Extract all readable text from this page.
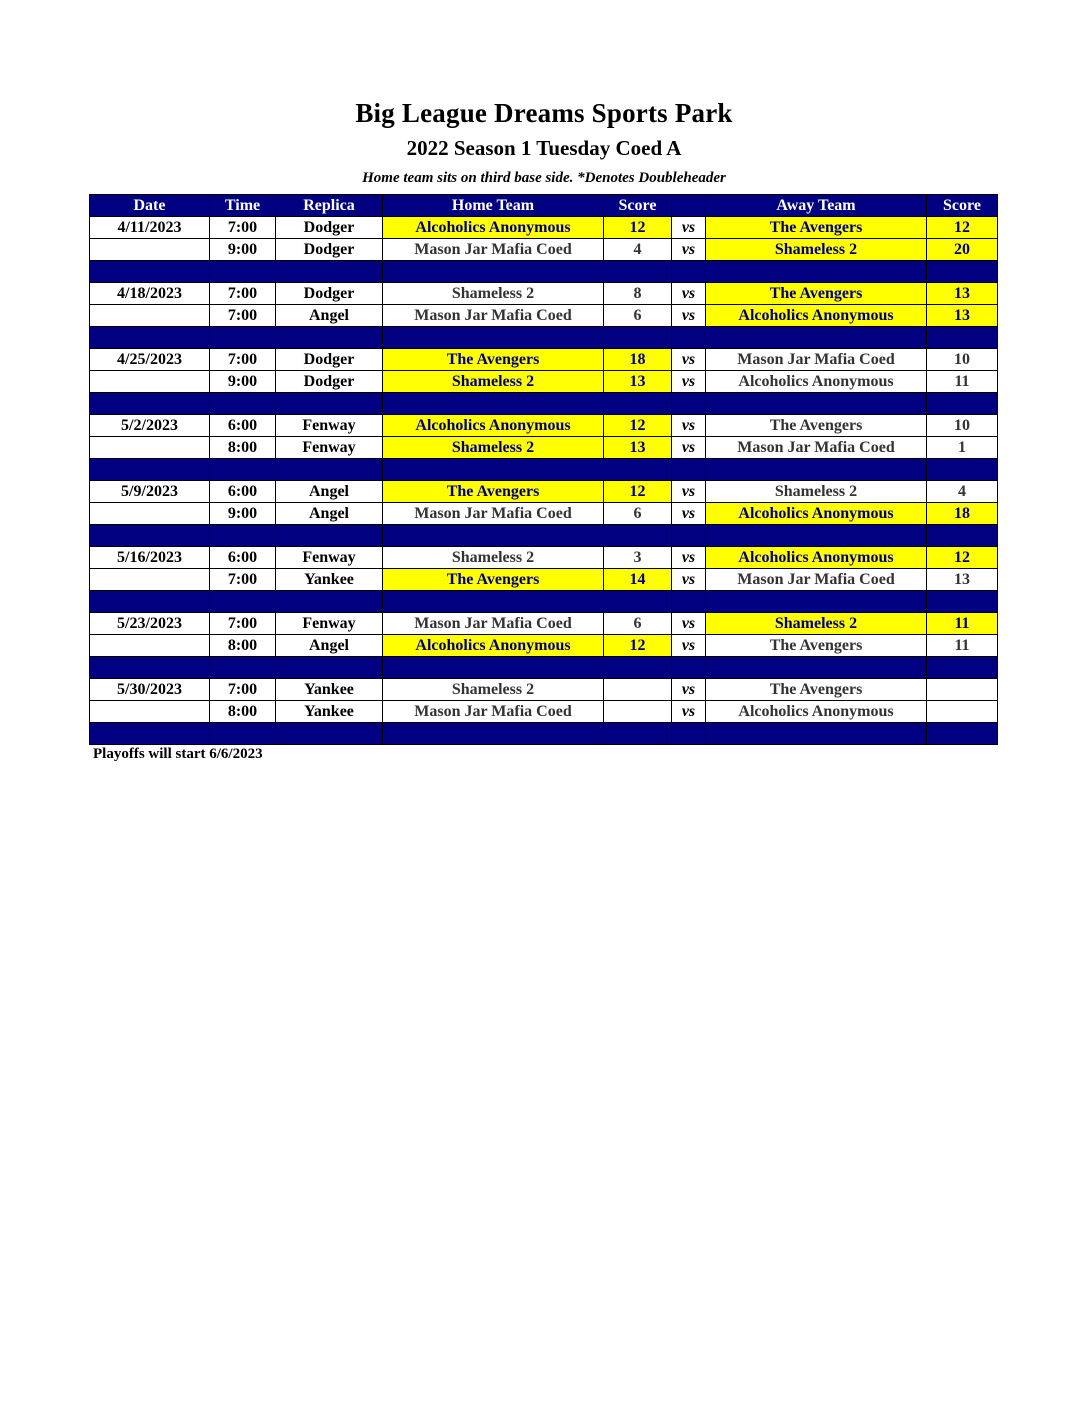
Big League Dreams Sports Park
2022 Season 1 Tuesday Coed A
Home team sits on third base side. *Denotes Doubleheader
Date	Time	Replica	Home Team	Score		Away Team	Score
4/11/2023	7:00	Dodger	Alcoholics Anonymous	12	vs	The Avengers	12
	9:00	Dodger	Mason Jar Mafia Coed	4	vs	Shameless 2	20

4/18/2023	7:00	Dodger	Shameless 2	8	vs	The Avengers	13
	7:00	Angel	Mason Jar Mafia Coed	6	vs	Alcoholics Anonymous	13

4/25/2023	7:00	Dodger	The Avengers	18	vs	Mason Jar Mafia Coed	10
	9:00	Dodger	Shameless 2	13	vs	Alcoholics Anonymous	11

5/2/2023	6:00	Fenway	Alcoholics Anonymous	12	vs	The Avengers	10
	8:00	Fenway	Shameless 2	13	vs	Mason Jar Mafia Coed	1

5/9/2023	6:00	Angel	The Avengers	12	vs	Shameless 2	4
	9:00	Angel	Mason Jar Mafia Coed	6	vs	Alcoholics Anonymous	18

5/16/2023	6:00	Fenway	Shameless 2	3	vs	Alcoholics Anonymous	12
	7:00	Yankee	The Avengers	14	vs	Mason Jar Mafia Coed	13

5/23/2023	7:00	Fenway	Mason Jar Mafia Coed	6	vs	Shameless 2	11
	8:00	Angel	Alcoholics Anonymous	12	vs	The Avengers	11

5/30/2023	7:00	Yankee	Shameless 2		vs	The Avengers	
	8:00	Yankee	Mason Jar Mafia Coed		vs	Alcoholics Anonymous	

Playoffs will start 6/6/2023
